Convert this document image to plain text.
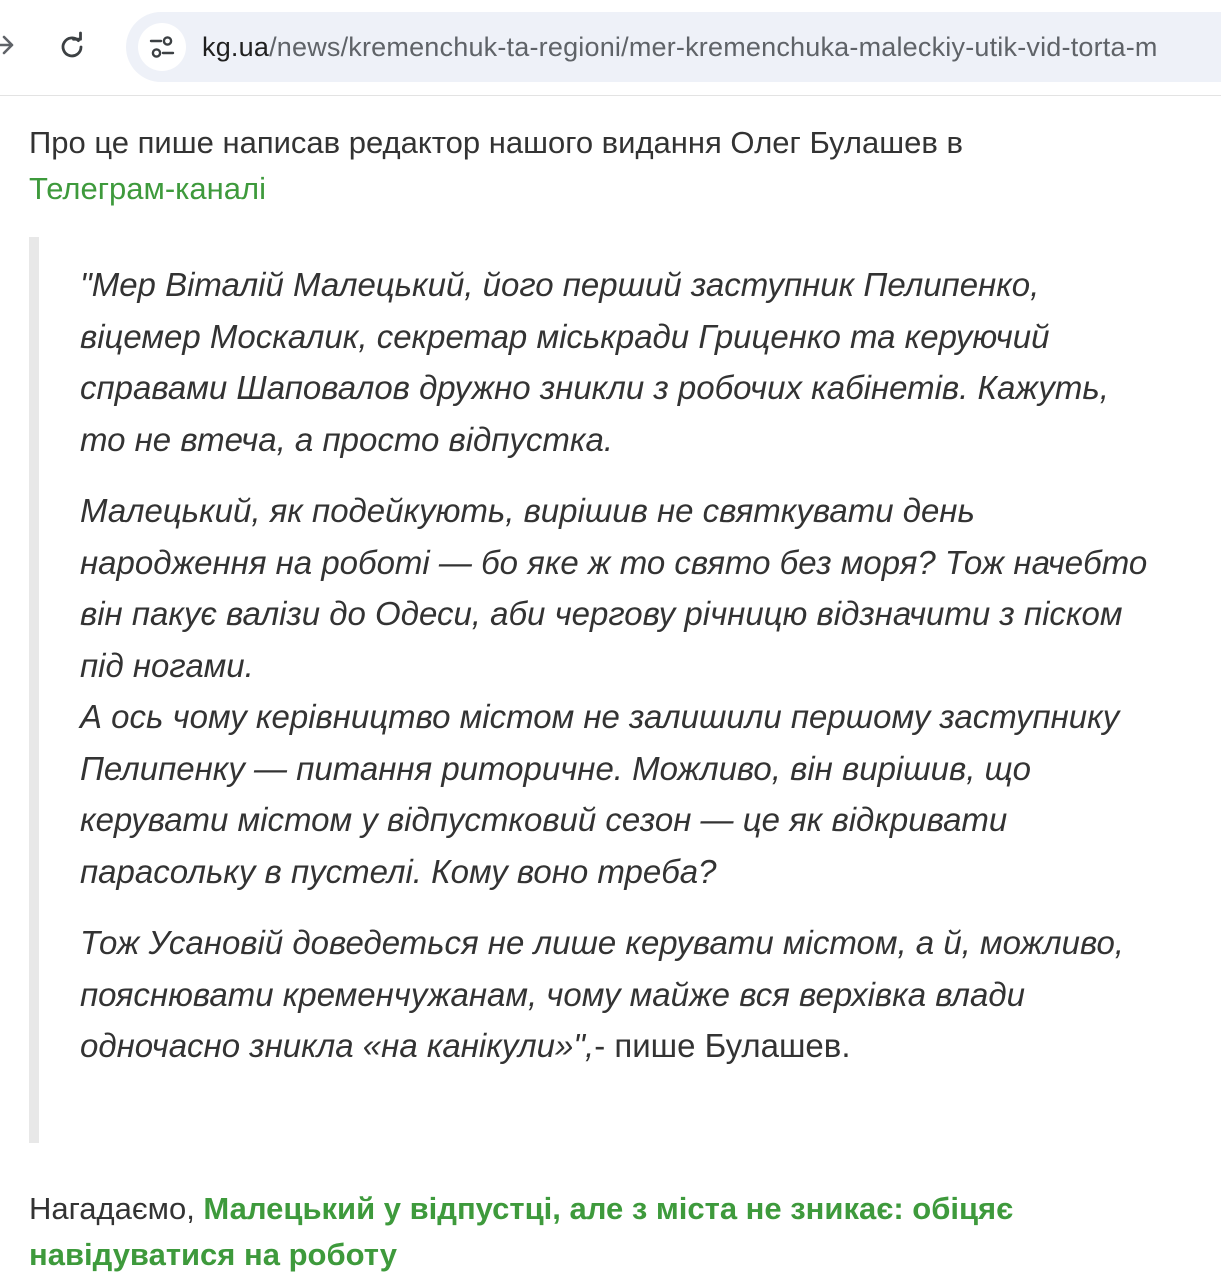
kg.ua/news/kremenchuk-ta-regioni/mer-kremenchuka-maleckiy-utik-vid-torta-m

Про це пише написав редактор нашого видання Олег Булашев в
Телеграм-каналі

"Мер Віталій Малецький, його перший заступник Пелипенко, віцемер Москалик, секретар міськради Гриценко та керуючий справами Шаповалов дружно зникли з робочих кабінетів. Кажуть, то не втеча, а просто відпустка.

Малецький, як подейкують, вирішив не святкувати день народження на роботі — бо яке ж то свято без моря? Тож начебто він пакує валізи до Одеси, аби чергову річницю відзначити з піском під ногами.
А ось чому керівництво містом не залишили першому заступнику Пелипенку — питання риторичне. Можливо, він вирішив, що керувати містом у відпустковий сезон — це як відкривати парасольку в пустелі. Кому воно треба?

Тож Усановій доведеться не лише керувати містом, а й, можливо, пояснювати кременчужанам, чому майже вся верхівка влади одночасно зникла «на канікули»",- пише Булашев.

Нагадаємо, Малецький у відпустці, але з міста не зникає: обіцяє навідуватися на роботу
